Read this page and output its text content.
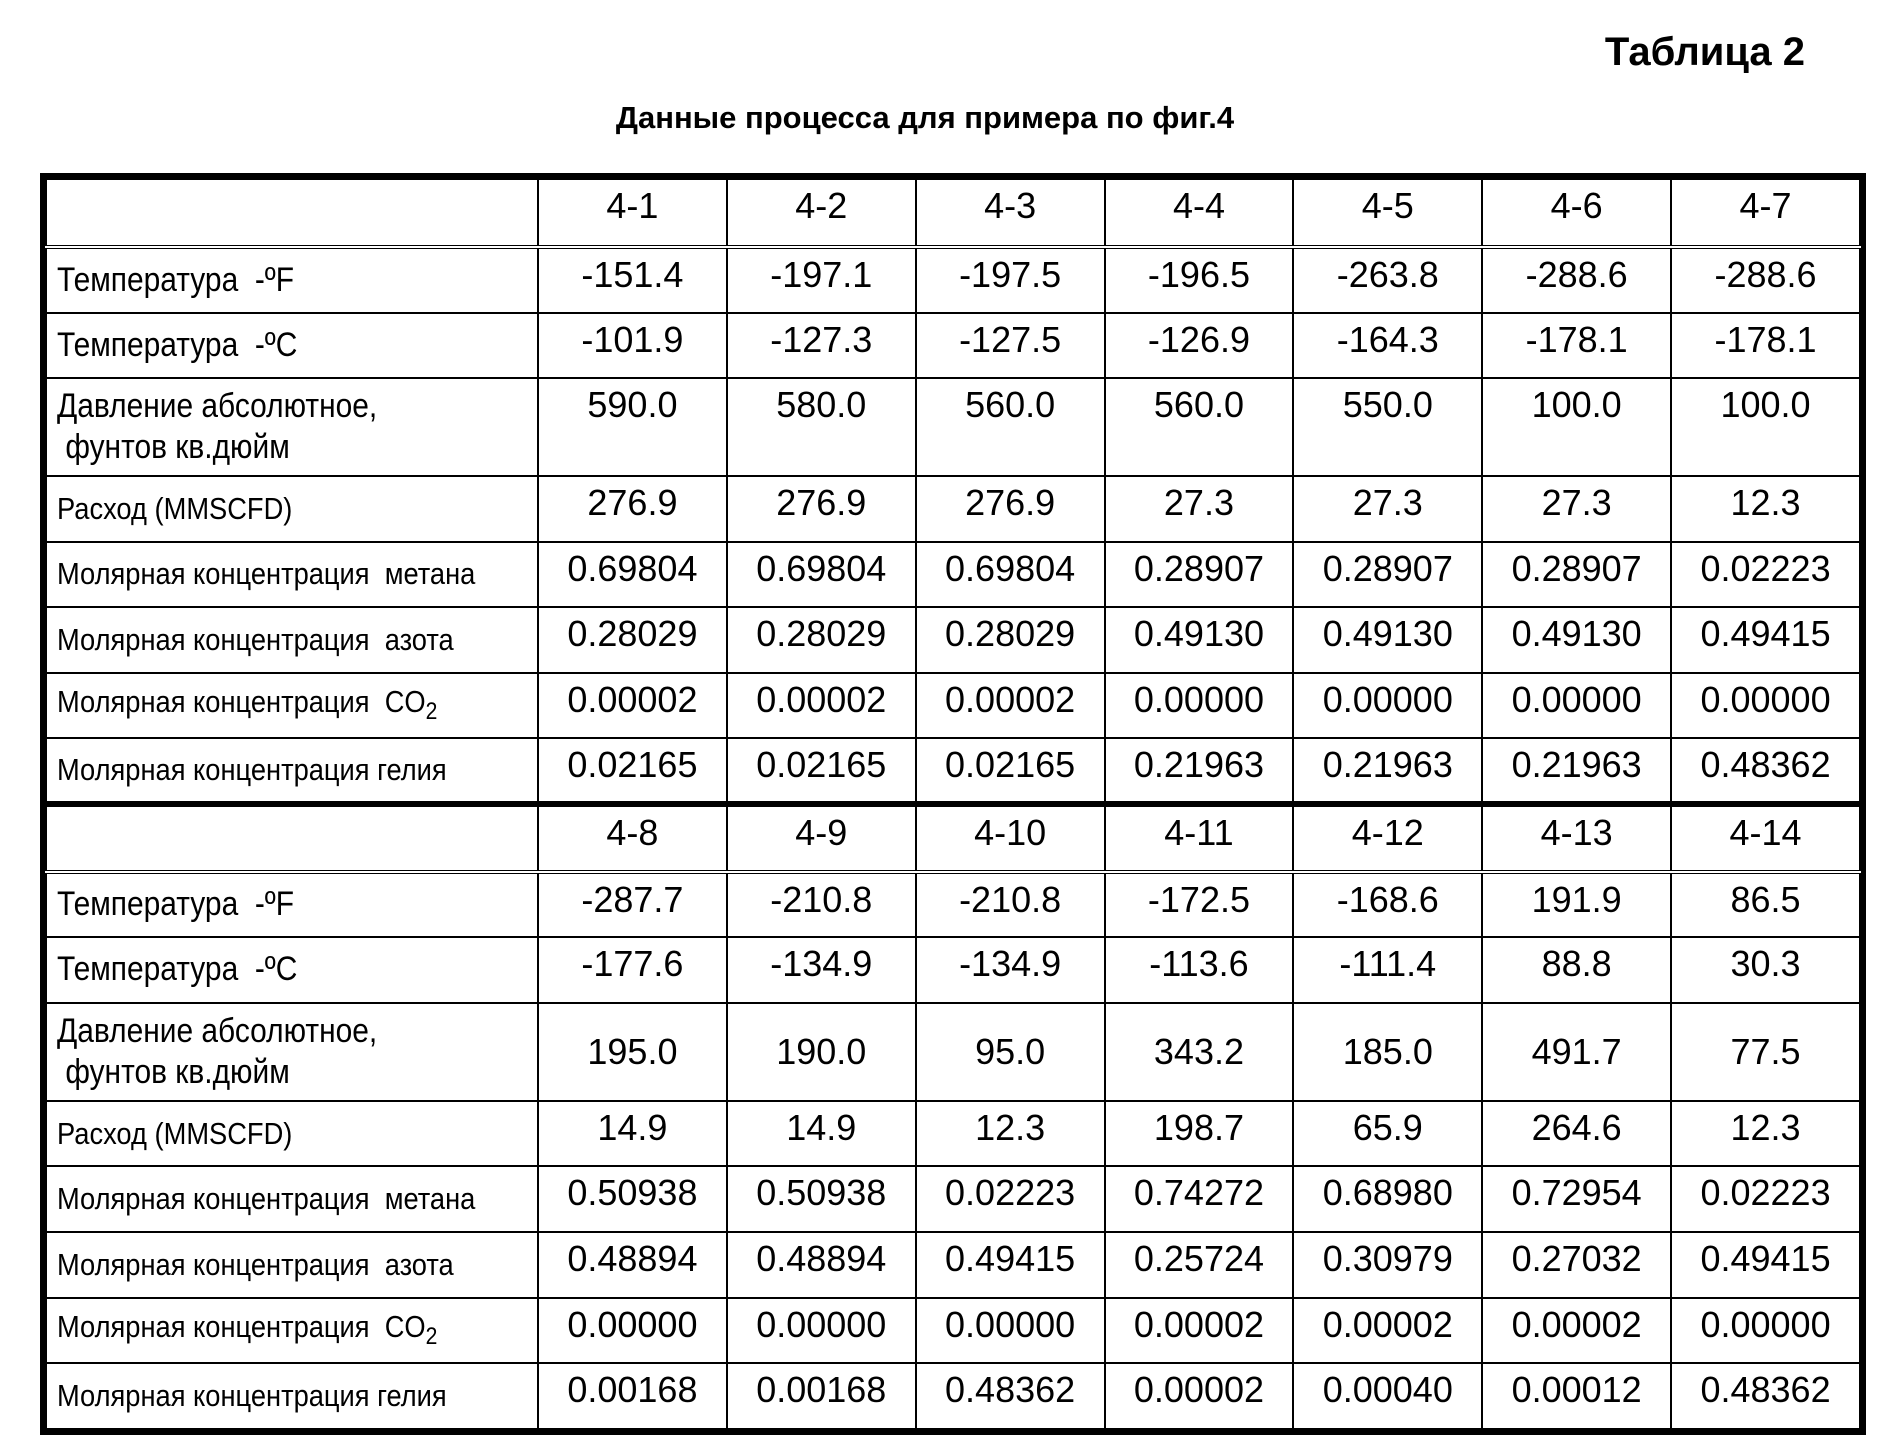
Таблица 2
Данные процесса для примера по фиг.4
	4-1	4-2	4-3	4-4	4-5	4-6	4-7
Температура  -ºF	-151.4	-197.1	-197.5	-196.5	-263.8	-288.6	-288.6
Температура  -ºC	-101.9	-127.3	-127.5	-126.9	-164.3	-178.1	-178.1

Давление абсолютное,
фунтов кв.дюйм	590.0	580.0	560.0	560.0	550.0	100.0	100.0
Расход (MMSCFD)	276.9	276.9	276.9	27.3	27.3	27.3	12.3
Молярная концентрация  метана	0.69804	0.69804	0.69804	0.28907	0.28907	0.28907	0.02223
Молярная концентрация  азота	0.28029	0.28029	0.28029	0.49130	0.49130	0.49130	0.49415
Молярная концентрация  $CO_2$	0.00002	0.00002	0.00002	0.00000	0.00000	0.00000	0.00000
Молярная концентрация гелия	0.02165	0.02165	0.02165	0.21963	0.21963	0.21963	0.48362
	4-8	4-9	4-10	4-11	4-12	4-13	4-14
Температура  -ºF	-287.7	-210.8	-210.8	-172.5	-168.6	191.9	86.5
Температура  -ºC	-177.6	-134.9	-134.9	-113.6	-111.4	88.8	30.3

Давление абсолютное,
фунтов кв.дюйм	195.0	190.0	95.0	343.2	185.0	491.7	77.5
Расход (MMSCFD)	14.9	14.9	12.3	198.7	65.9	264.6	12.3
Молярная концентрация  метана	0.50938	0.50938	0.02223	0.74272	0.68980	0.72954	0.02223
Молярная концентрация  азота	0.48894	0.48894	0.49415	0.25724	0.30979	0.27032	0.49415
Молярная концентрация  $CO_2$	0.00000	0.00000	0.00000	0.00002	0.00002	0.00002	0.00000
Молярная концентрация гелия	0.00168	0.00168	0.48362	0.00002	0.00040	0.00012	0.48362
